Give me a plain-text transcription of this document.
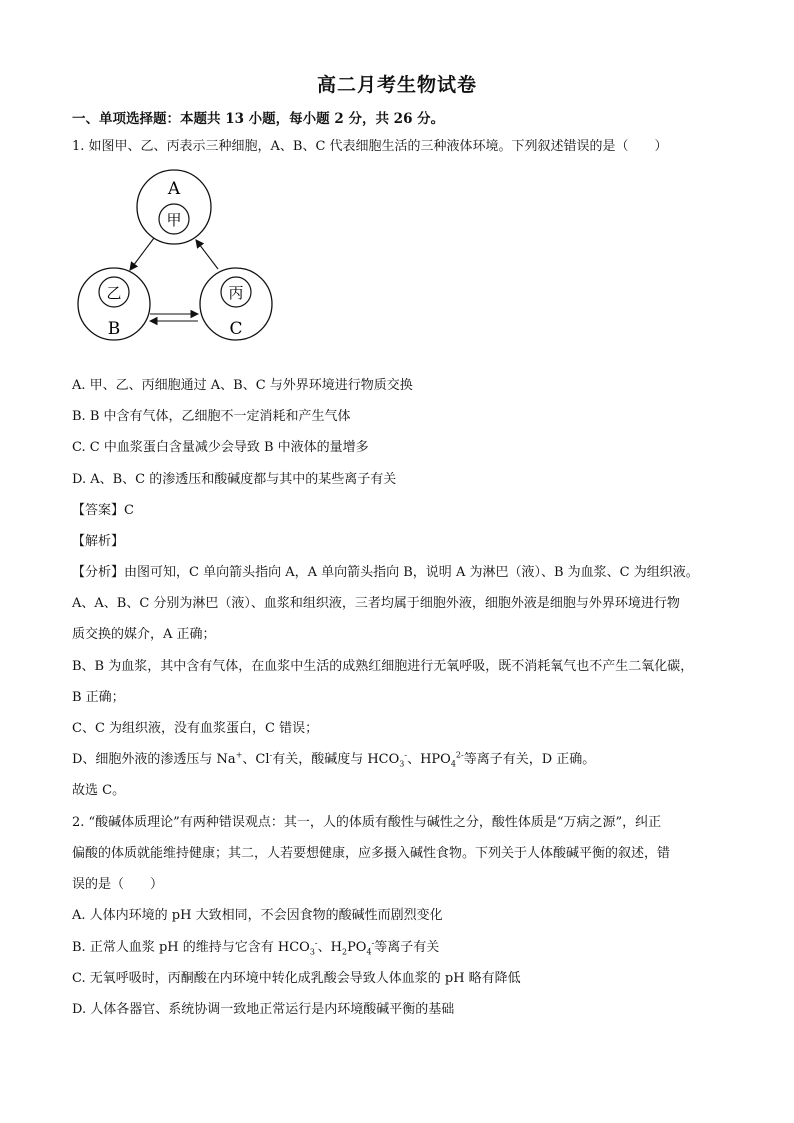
高二月考生物试卷
一、单项选择题：本题共 13 小题，每小题 2 分，共 26 分。
1. 如图甲、乙、丙表示三种细胞，A、B、C 代表细胞生活的三种液体环境。下列叙述错误的是（　　）
A
甲
乙
B
丙
C
A. 甲、乙、丙细胞通过 A、B、C 与外界环境进行物质交换
B. B 中含有气体，乙细胞不一定消耗和产生气体
C. C 中血浆蛋白含量减少会导致 B 中液体的量增多
D. A、B、C 的渗透压和酸碱度都与其中的某些离子有关
【答案】C
【解析】
【分析】由图可知，C 单向箭头指向 A，A 单向箭头指向 B，说明 A 为淋巴（液）、B 为血浆、C 为组织液。
A、A、B、C 分别为淋巴（液）、血浆和组织液，三者均属于细胞外液，细胞外液是细胞与外界环境进行物
质交换的媒介，A 正确；
B、B 为血浆，其中含有气体，在血浆中生活的成熟红细胞进行无氧呼吸，既不消耗氧气也不产生二氧化碳，
B 正确；
C、C 为组织液，没有血浆蛋白，C 错误；
D、细胞外液的渗透压与 Na+、Cl-有关，酸碱度与 $HCO_3^-$、$HPO_4^{2-}$等离子有关，D 正确。
故选 C。
2. “酸碱体质理论”有两种错误观点：其一，人的体质有酸性与碱性之分，酸性体质是“万病之源”，纠正
偏酸的体质就能维持健康；其二，人若要想健康，应多摄入碱性食物。下列关于人体酸碱平衡的叙述，错
误的是（　　）
A. 人体内环境的 pH 大致相同，不会因食物的酸碱性而剧烈变化
B. 正常人血浆 pH 的维持与它含有 $HCO_3^-$、$H_2PO_4^-$等离子有关
C. 无氧呼吸时，丙酮酸在内环境中转化成乳酸会导致人体血浆的 pH 略有降低
D. 人体各器官、系统协调一致地正常运行是内环境酸碱平衡的基础
